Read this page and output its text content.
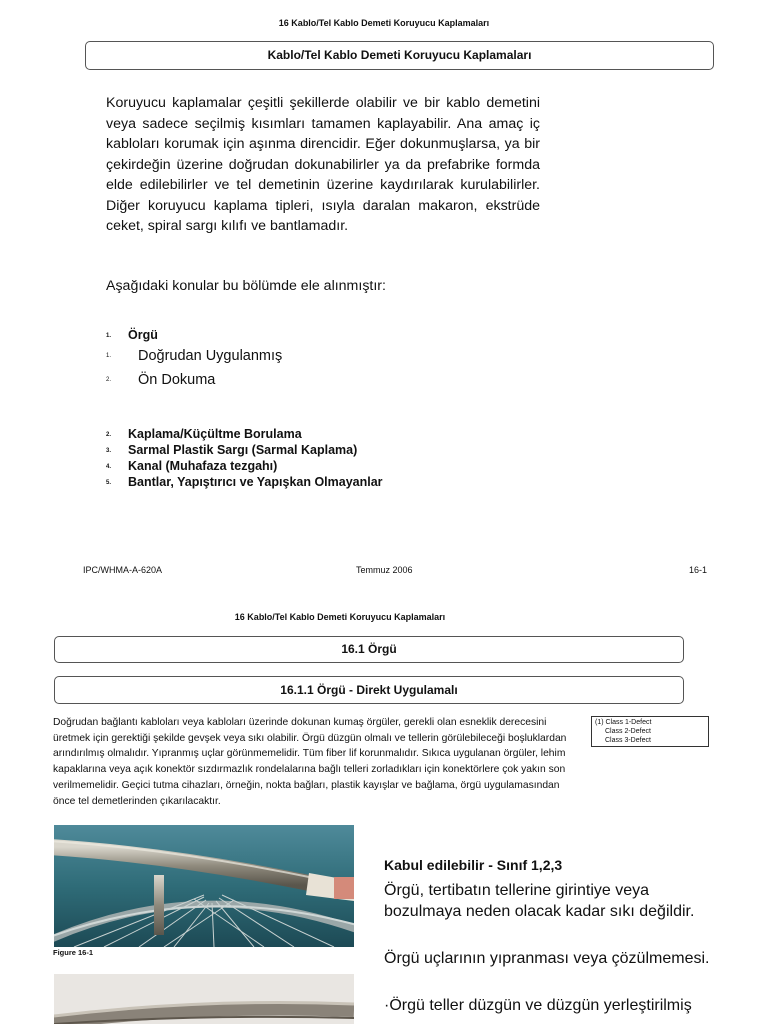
16 Kablo/Tel Kablo Demeti Koruyucu Kaplamaları
Kablo/Tel Kablo Demeti Koruyucu Kaplamaları

Koruyucu kaplamalar çeşitli şekillerde olabilir ve bir kablo demetini veya sadece seçilmiş kısımları tamamen kaplayabilir. Ana amaç iç kabloları korumak için aşınma direncidir. Eğer dokunmuşlarsa, ya bir çekirdeğin üzerine doğrudan dokunabilirler ya da prefabrike formda elde edilebilirler ve tel demetinin üzerine kaydırılarak kurulabilirler. Diğer koruyucu kaplama tipleri, ısıyla daralan makaron, ekstrüde ceket, spiral sargı kılıfı ve bantlamadır.

Aşağıdaki konular bu bölümde ele alınmıştır:
1. Örgü
1. Doğrudan Uygulanmış
2. Ön Dokuma
2. Kaplama/Küçültme Borulama
3. Sarmal Plastik Sargı (Sarmal Kaplama)
4. Kanal (Muhafaza tezgahı)
5. Bantlar, Yapıştırıcı ve Yapışkan Olmayanlar
IPC/WHMA-A-620A	Temmuz 2006	16-1
16 Kablo/Tel Kablo Demeti Koruyucu Kaplamaları
16.1 Örgü
16.1.1 Örgü - Direkt Uygulamalı

Doğrudan bağlantı kabloları veya kabloları üzerinde dokunan kumaş örgüler, gerekli olan esneklik derecesini üretmek için gerektiği şekilde gevşek veya sıkı olabilir. Örgü düzgün olmalı ve tellerin görülebileceği boşluklardan arındırılmış olmalıdır. Yıpranmış uçlar görünmemelidir. Tüm fiber lif korunmalıdır. Sıkıca uygulanan örgüler, lehim kapaklarına veya açık konektör sızdırmazlık rondelalarına bağlı telleri zorladıkları için konektörlere çok yakın son verilmemelidir. Geçici tutma cihazları, örneğin, nokta bağları, plastik kayışlar ve bağlama, örgü uygulamasından önce tel demetlerinden çıkarılacaktır.

(1) Class 1-Defect
Class 2-Defect
Class 3-Defect
Figure 16-1
Kabul edilebilir - Sınıf 1,2,3
Örgü, tertibatın tellerine girintiye veya bozulmaya neden olacak kadar sıkı değildir.
Örgü uçlarının yıpranması veya çözülmemesi.
·Örgü teller düzgün ve düzgün yerleştirilmiş
